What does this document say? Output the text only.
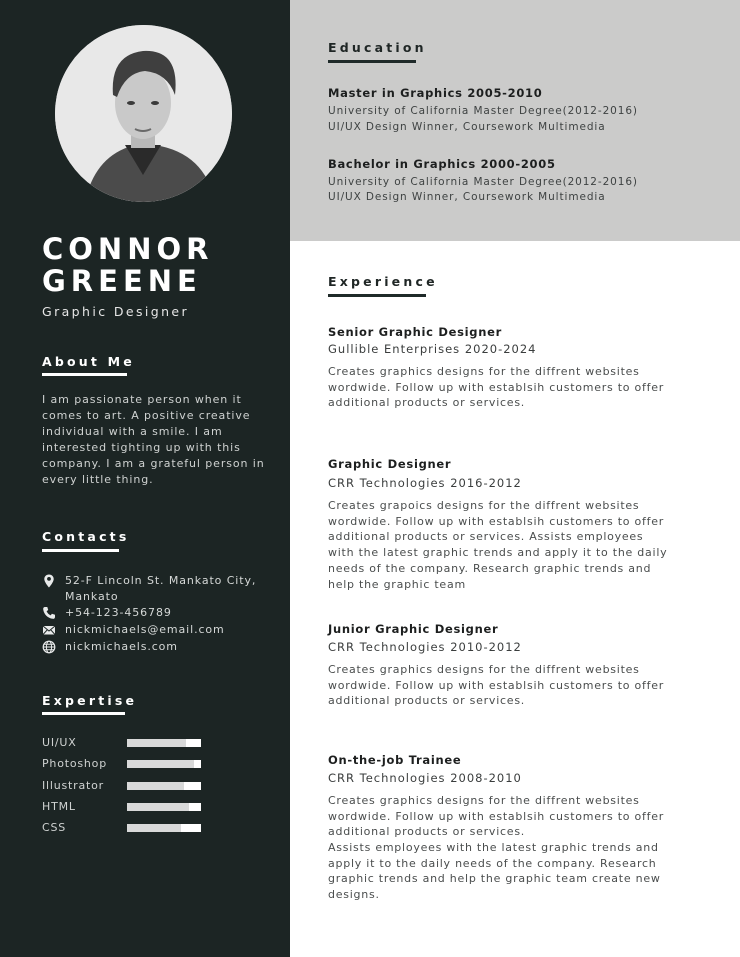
CONNOR
GREENE
Graphic Designer
About Me
I am passionate person when it comes to art. A positive creative individual with a smile. I am interested tighting up with this company. I am a grateful person in every little thing.
Contacts
52-F Lincoln St. Mankato City, Mankato
+54-123-456789
nickmichaels@email.com
nickmichaels.com
Expertise
UI/UX
Photoshop
Illustrator
HTML
CSS
Education
Master in Graphics 2005-2010
University of California Master Degree(2012-2016)
UI/UX Design Winner, Coursework Multimedia
Bachelor in Graphics 2000-2005
University of California Master Degree(2012-2016)
UI/UX Design Winner, Coursework Multimedia
Experience
Senior Graphic Designer
Gullible Enterprises 2020-2024
Creates graphics designs for the diffrent websites wordwide. Follow up with establsih customers to offer additional products or services.
Graphic Designer
CRR Technologies 2016-2012
Creates grapoics designs for the diffrent websites wordwide. Follow up with establsih customers to offer additional products or services. Assists employees with the latest graphic trends and apply it to the daily needs of the company. Research graphic trends and help the graphic team
Junior Graphic Designer
CRR Technologies 2010-2012
Creates graphics designs for the diffrent websites wordwide. Follow up with establsih customers to offer additional products or services.
On-the-job Trainee
CRR Technologies 2008-2010
Creates graphics designs for the diffrent websites wordwide. Follow up with establsih customers to offer additional products or services.
Assists employees with the latest graphic trends and apply it to the daily needs of the company. Research graphic trends and help the graphic team create new designs.
